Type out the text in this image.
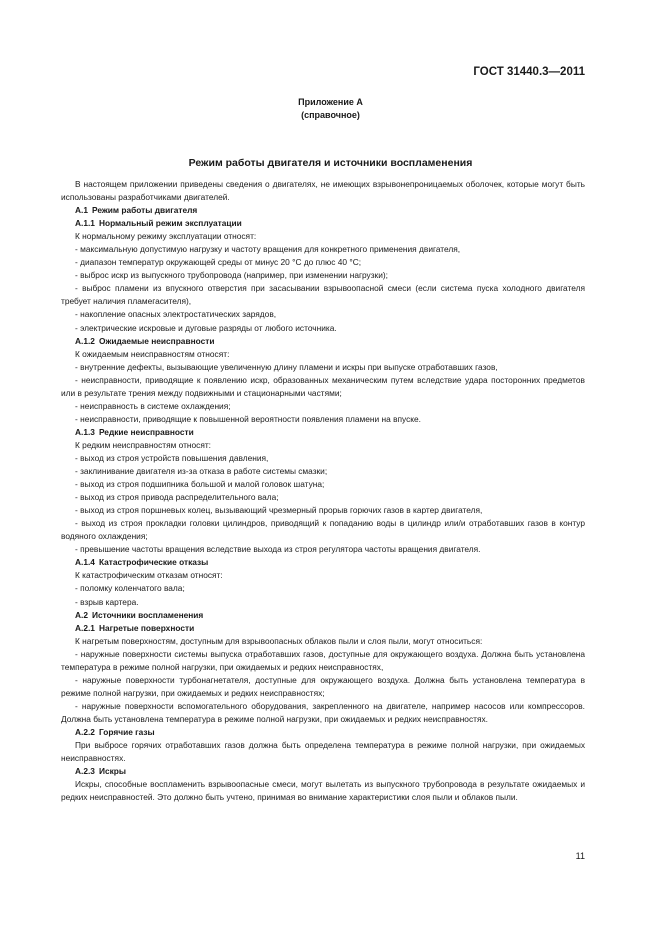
ГОСТ 31440.3—2011
Приложение А
(справочное)
Режим работы двигателя и источники воспламенения

В настоящем приложении приведены сведения о двигателях, не имеющих взрывонепроницаемых оболочек, которые могут быть использованы разработчиками двигателей.

А.1 Режим работы двигателя
А.1.1 Нормальный режим эксплуатации

К нормальному режиму эксплуатации относят:

- максимальную допустимую нагрузку и частоту вращения для конкретного применения двигателя,

- диапазон температур окружающей среды от минус 20 °С до плюс 40 °С;

- выброс искр из выпускного трубопровода (например, при изменении нагрузки);

- выброс пламени из впускного отверстия при засасывании взрывоопасной смеси (если система пуска холодного двигателя требует наличия пламегасителя),

- накопление опасных электростатических зарядов,

- электрические искровые и дуговые разряды от любого источника.

А.1.2 Ожидаемые неисправности

К ожидаемым неисправностям относят:

- внутренние дефекты, вызывающие увеличенную длину пламени и искры при выпуске отработавших газов,

- неисправности, приводящие к появлению искр, образованных механическим путем вследствие удара посторонних предметов или в результате трения между подвижными и стационарными частями;

- неисправность в системе охлаждения;

- неисправности, приводящие к повышенной вероятности появления пламени на впуске.

А.1.3 Редкие неисправности

К редким неисправностям относят:

- выход из строя устройств повышения давления,

- заклинивание двигателя из-за отказа в работе системы смазки;

- выход из строя подшипника большой и малой головок шатуна;

- выход из строя привода распределительного вала;

- выход из строя поршневых колец, вызывающий чрезмерный прорыв горючих газов в картер двигателя,

- выход из строя прокладки головки цилиндров, приводящий к попаданию воды в цилиндр или/и отработавших газов в контур водяного охлаждения;

- превышение частоты вращения вследствие выхода из строя регулятора частоты вращения двигателя.

А.1.4 Катастрофические отказы

К катастрофическим отказам относят:

- поломку коленчатого вала;

- взрыв картера.

А.2 Источники воспламенения
А.2.1 Нагретые поверхности

К нагретым поверхностям, доступным для взрывоопасных облаков пыли и слоя пыли, могут относиться:

- наружные поверхности системы выпуска отработавших газов, доступные для окружающего воздуха. Должна быть установлена температура в режиме полной нагрузки, при ожидаемых и редких неисправностях,

- наружные поверхности турбонагнетателя, доступные для окружающего воздуха. Должна быть установлена температура в режиме полной нагрузки, при ожидаемых и редких неисправностях;

- наружные поверхности вспомогательного оборудования, закрепленного на двигателе, например насосов или компрессоров. Должна быть установлена температура в режиме полной нагрузки, при ожидаемых и редких неисправностях.

А.2.2 Горячие газы

При выбросе горячих отработавших газов должна быть определена температура в режиме полной нагрузки, при ожидаемых неисправностях.

А.2.3 Искры

Искры, способные воспламенить взрывоопасные смеси, могут вылетать из выпускного трубопровода в результате ожидаемых и редких неисправностей. Это должно быть учтено, принимая во внимание характеристики слоя пыли и облаков пыли.

11
